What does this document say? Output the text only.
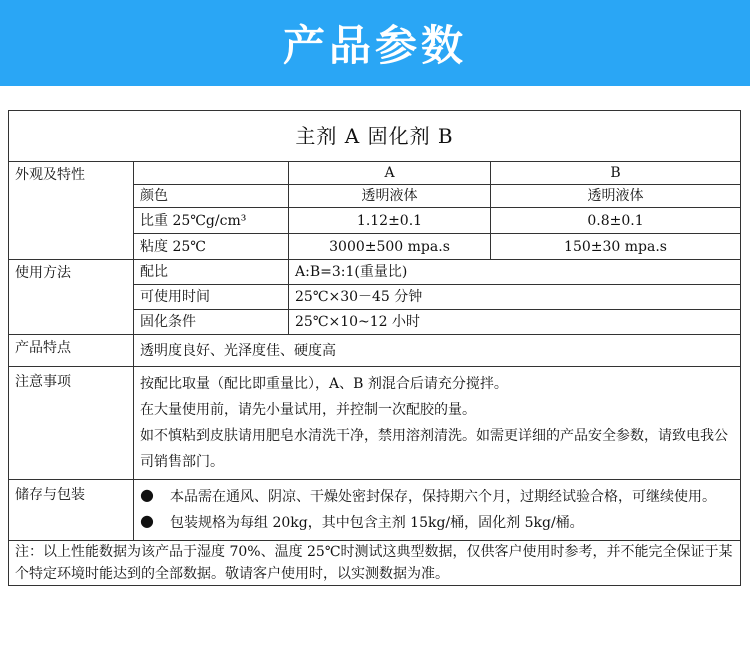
产品参数
主剂 A 固化剂 B			
外观及特性		A	B
	颜色	透明液体	透明液体
	比重 25℃g/cm³	1.12±0.1	0.8±0.1
	粘度 25℃	3000±500 mpa.s	150±30 mpa.s
使用方法	配比	A:B=3:1(重量比)	
	可使用时间	25℃×30－45 分钟	
	固化条件	25℃×10~12 小时	
产品特点	透明度良好、光泽度佳、硬度高		
注意事项	按配比取量（配比即重量比），A、B 剂混合后请充分搅拌。

在大量使用前，请先小量试用，并控制一次配胶的量。

如不慎粘到皮肤请用肥皂水清洗干净，禁用溶剂清洗。如需更详细的产品安全参数，请致电我公司销售部门。		

储存与包装	● 本品需在通风、阴凉、干燥处密封保存，保持期六个月，过期经试验合格，可继续使用。
● 包装规格为每组 20kg，其中包含主剂 15kg/桶，固化剂 5kg/桶。		

注：以上性能数据为该产品于湿度 70%、温度 25℃时测试这典型数据，仅供客户使用时参考，并不能完全保证于某个特定环境时能达到的全部数据。敬请客户使用时，以实测数据为准。			
